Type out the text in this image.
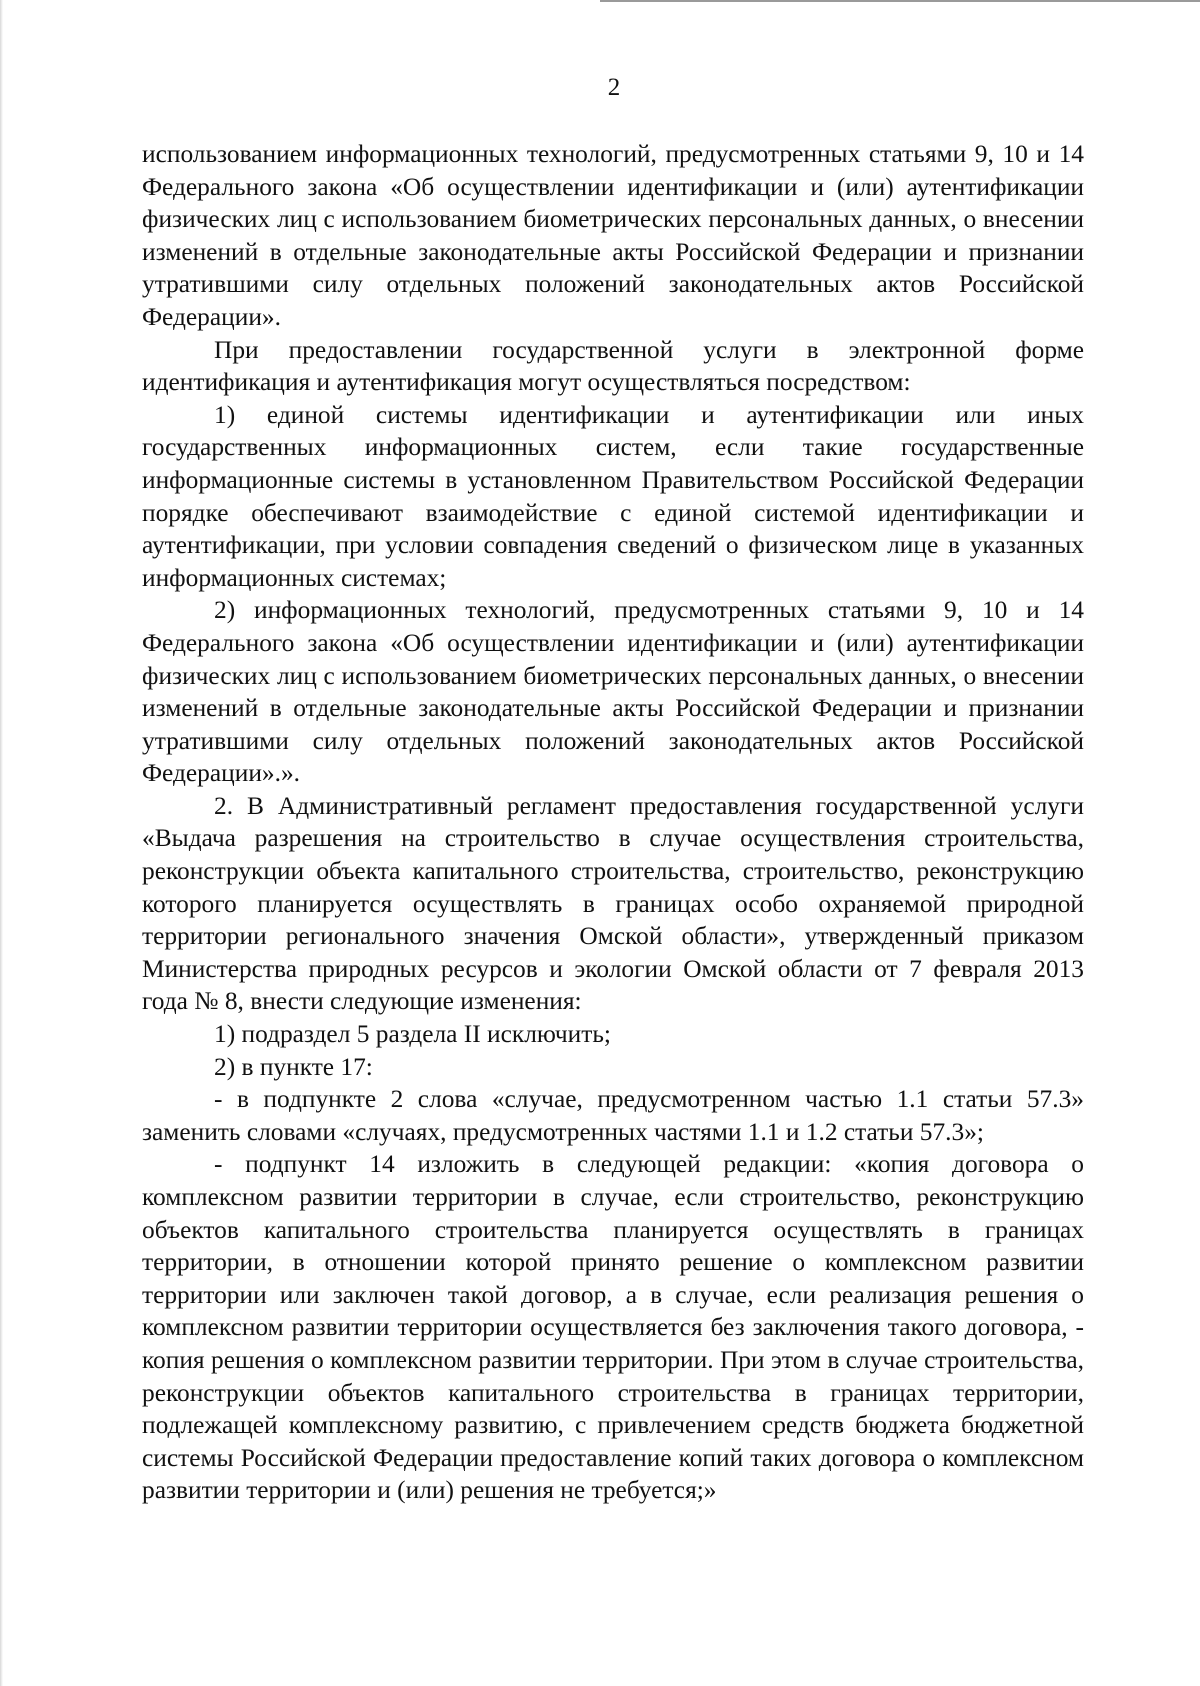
2

использованием информационных технологий, предусмотренных статьями 9, 10 и 14 Федерального закона «Об осуществлении идентификации и (или) аутентификации физических лиц с использованием биометрических персональных данных, о внесении изменений в отдельные законодательные акты Российской Федерации и признании утратившими силу отдельных положений законодательных актов Российской Федерации».

При предоставлении государственной услуги в электронной форме идентификация и аутентификация могут осуществляться посредством:

1) единой системы идентификации и аутентификации или иных государственных информационных систем, если такие государственные информационные системы в установленном Правительством Российской Федерации порядке обеспечивают взаимодействие с единой системой идентификации и аутентификации, при условии совпадения сведений о физическом лице в указанных информационных системах;

2) информационных технологий, предусмотренных статьями 9, 10 и 14 Федерального закона «Об осуществлении идентификации и (или) аутентификации физических лиц с использованием биометрических персональных данных, о внесении изменений в отдельные законодательные акты Российской Федерации и признании утратившими силу отдельных положений законодательных актов Российской Федерации».».

2. В Административный регламент предоставления государственной услуги «Выдача разрешения на строительство в случае осуществления строительства, реконструкции объекта капитального строительства, строительство, реконструкцию которого планируется осуществлять в границах особо охраняемой природной территории регионального значения Омской области», утвержденный приказом Министерства природных ресурсов и экологии Омской области от 7 февраля 2013 года № 8, внести следующие изменения:

1) подраздел 5 раздела II исключить;

2) в пункте 17:

- в подпункте 2 слова «случае, предусмотренном частью 1.1 статьи 57.3» заменить словами «случаях, предусмотренных частями 1.1 и 1.2 статьи 57.3»;

- подпункт 14 изложить в следующей редакции: «копия договора о комплексном развитии территории в случае, если строительство, реконструкцию объектов капитального строительства планируется осуществлять в границах территории, в отношении которой принято решение о комплексном развитии территории или заключен такой договор, а в случае, если реализация решения о комплексном развитии территории осуществляется без заключения такого договора, - копия решения о комплексном развитии территории. При этом в случае строительства, реконструкции объектов капитального строительства в границах территории, подлежащей комплексному развитию, с привлечением средств бюджета бюджетной системы Российской Федерации предоставление копий таких договора о комплексном развитии территории и (или) решения не требуется;»
